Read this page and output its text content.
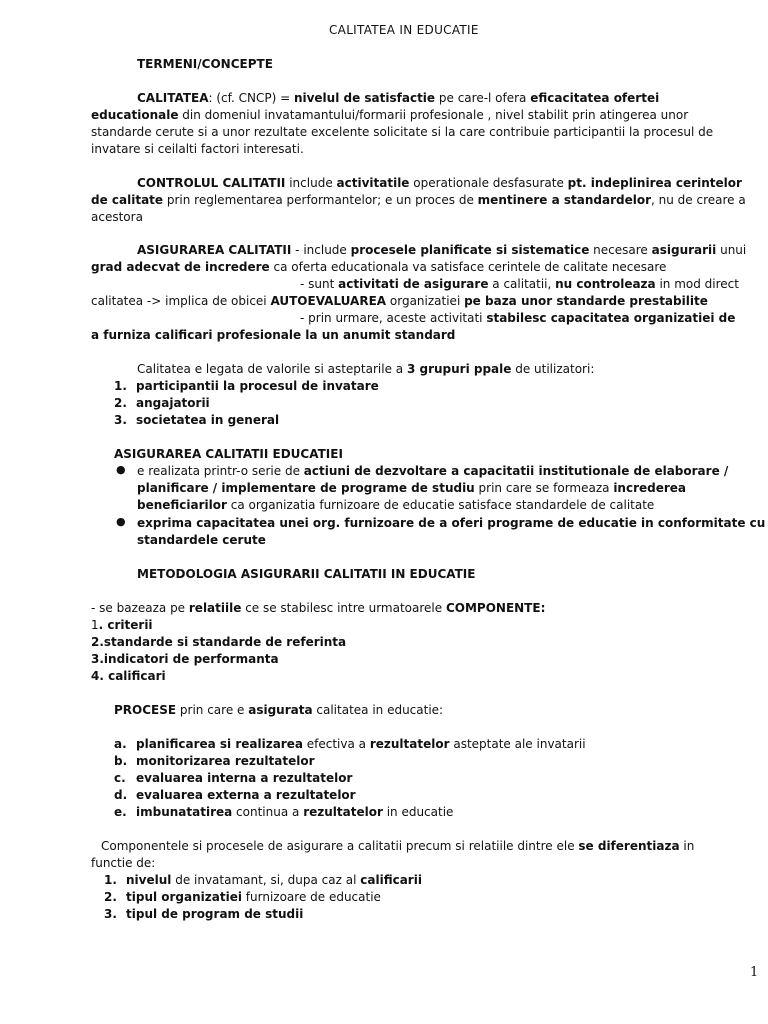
CALITATEA IN EDUCATIE
TERMENI/CONCEPTE
CALITATEA: (cf. CNCP) = nivelul de satisfactie pe care-l ofera eficacitatea ofertei
educationale din domeniul invatamantului/formarii profesionale , nivel stabilit prin atingerea unor
standarde cerute si a unor rezultate excelente solicitate si la care contribuie participantii la procesul de
invatare si ceilalti factori interesati.
CONTROLUL CALITATII include activitatile operationale desfasurate pt. indeplinirea cerintelor
de calitate prin reglementarea performantelor; e un proces de mentinere a standardelor, nu de creare a
acestora
ASIGURAREA CALITATII - include procesele planificate si sistematice necesare asigurarii unui
grad adecvat de incredere ca oferta educationala va satisface cerintele de calitate necesare
- sunt activitati de asigurare a calitatii, nu controleaza in mod direct
calitatea -> implica de obicei AUTOEVALUAREA organizatiei pe baza unor standarde prestabilite
- prin urmare, aceste activitati stabilesc capacitatea organizatiei de
a furniza calificari profesionale la un anumit standard
Calitatea e legata de valorile si asteptarile a 3 grupuri ppale de utilizatori:
1. participantii la procesul de invatare
2. angajatorii
3. societatea in general
ASIGURAREA CALITATII EDUCATIEI
● e realizata printr-o serie de actiuni de dezvoltare a capacitatii institutionale de elaborare /
planificare / implementare de programe de studiu prin care se formeaza increderea
beneficiarilor ca organizatia furnizoare de educatie satisface standardele de calitate
● exprima capacitatea unei org. furnizoare de a oferi programe de educatie in conformitate cu
standardele cerute
METODOLOGIA ASIGURARII CALITATII IN EDUCATIE
- se bazeaza pe relatiile ce se stabilesc intre urmatoarele COMPONENTE:
1. criterii
2.standarde si standarde de referinta
3.indicatori de performanta
4. calificari
PROCESE prin care e asigurata calitatea in educatie:
a. planificarea si realizarea efectiva a rezultatelor asteptate ale invatarii
b. monitorizarea rezultatelor
c. evaluarea interna a rezultatelor
d. evaluarea externa a rezultatelor
e. imbunatatirea continua a rezultatelor in educatie
Componentele si procesele de asigurare a calitatii precum si relatiile dintre ele se diferentiaza in
functie de:
1. nivelul de invatamant, si, dupa caz al calificarii
2. tipul organizatiei furnizoare de educatie
3. tipul de program de studii
1
